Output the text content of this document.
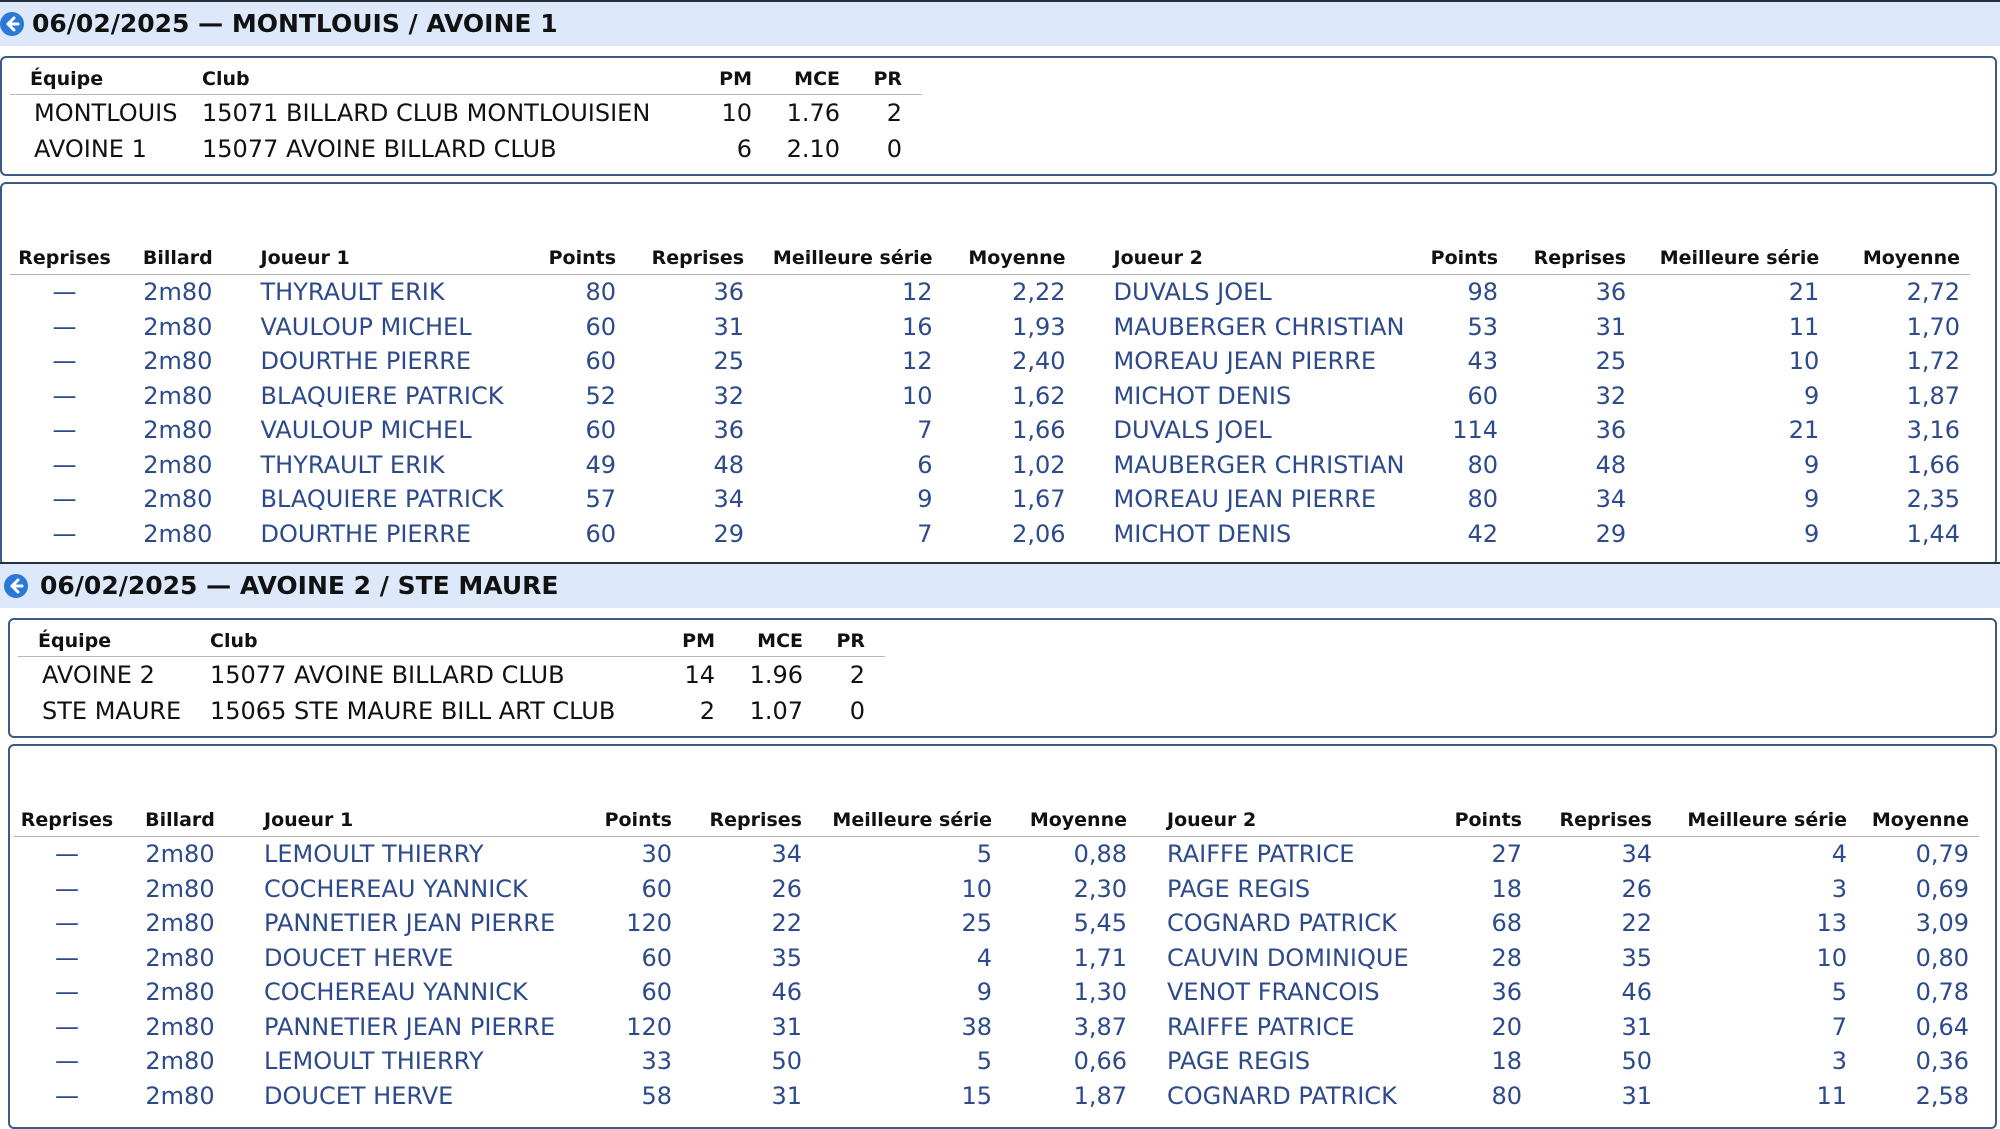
06/02/2025 — MONTLOUIS / AVOINE 1
Équipe	Club	PM	MCE	PR
MONTLOUIS	15071 BILLARD CLUB MONTLOUISIEN	10	1.76	2
AVOINE 1	15077 AVOINE BILLARD CLUB	6	2.10	0
Reprises	Billard	Joueur 1	Points	Reprises	Meilleure série	Moyenne	Joueur 2	Points	Reprises	Meilleure série	Moyenne
—	2m80	THYRAULT ERIK	80	36	12	2,22	DUVALS JOEL	98	36	21	2,72
—	2m80	VAULOUP MICHEL	60	31	16	1,93	MAUBERGER CHRISTIAN	53	31	11	1,70
—	2m80	DOURTHE PIERRE	60	25	12	2,40	MOREAU JEAN PIERRE	43	25	10	1,72
—	2m80	BLAQUIERE PATRICK	52	32	10	1,62	MICHOT DENIS	60	32	9	1,87
—	2m80	VAULOUP MICHEL	60	36	7	1,66	DUVALS JOEL	114	36	21	3,16
—	2m80	THYRAULT ERIK	49	48	6	1,02	MAUBERGER CHRISTIAN	80	48	9	1,66
—	2m80	BLAQUIERE PATRICK	57	34	9	1,67	MOREAU JEAN PIERRE	80	34	9	2,35
—	2m80	DOURTHE PIERRE	60	29	7	2,06	MICHOT DENIS	42	29	9	1,44
06/02/2025 — AVOINE 2 / STE MAURE
Équipe	Club	PM	MCE	PR
AVOINE 2	15077 AVOINE BILLARD CLUB	14	1.96	2
STE MAURE	15065 STE MAURE BILL ART CLUB	2	1.07	0
Reprises	Billard	Joueur 1	Points	Reprises	Meilleure série	Moyenne	Joueur 2	Points	Reprises	Meilleure série	Moyenne
—	2m80	LEMOULT THIERRY	30	34	5	0,88	RAIFFE PATRICE	27	34	4	0,79
—	2m80	COCHEREAU YANNICK	60	26	10	2,30	PAGE REGIS	18	26	3	0,69
—	2m80	PANNETIER JEAN PIERRE	120	22	25	5,45	COGNARD PATRICK	68	22	13	3,09
—	2m80	DOUCET HERVE	60	35	4	1,71	CAUVIN DOMINIQUE	28	35	10	0,80
—	2m80	COCHEREAU YANNICK	60	46	9	1,30	VENOT FRANCOIS	36	46	5	0,78
—	2m80	PANNETIER JEAN PIERRE	120	31	38	3,87	RAIFFE PATRICE	20	31	7	0,64
—	2m80	LEMOULT THIERRY	33	50	5	0,66	PAGE REGIS	18	50	3	0,36
—	2m80	DOUCET HERVE	58	31	15	1,87	COGNARD PATRICK	80	31	11	2,58
